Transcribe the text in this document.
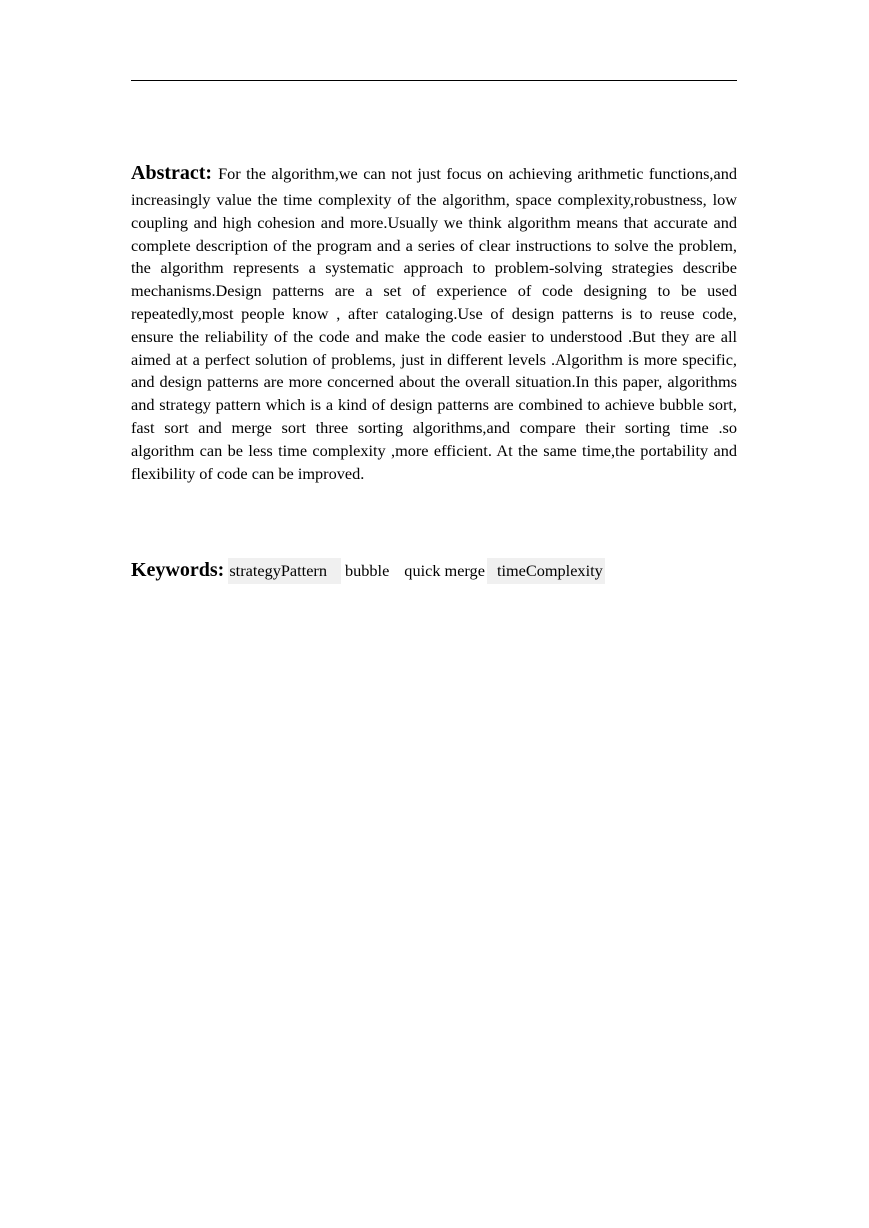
Abstract: For the algorithm,we can not just focus on achieving arithmetic functions,and increasingly value the time complexity of the algorithm, space complexity,robustness, low coupling and high cohesion and more.Usually we think algorithm means that accurate and complete description of the program and a series of clear instructions to solve the problem, the algorithm represents a systematic approach to problem-solving strategies describe mechanisms.Design patterns are a set of experience of code designing to be used repeatedly,most people know , after cataloging.Use of design patterns is to reuse code, ensure the reliability of the code and make the code easier to understood .But they are all aimed at a perfect solution of problems, just in different levels .Algorithm is more specific, and design patterns are more concerned about the overall situation.In this paper, algorithms and strategy pattern which is a kind of design patterns are combined to achieve bubble sort, fast sort and merge sort three sorting algorithms,and compare their sorting time .so algorithm can be less time complexity ,more efficient. At the same time,the portability and flexibility of code can be improved.

Keywords: strategyPattern bubble quick merge timeComplexity
